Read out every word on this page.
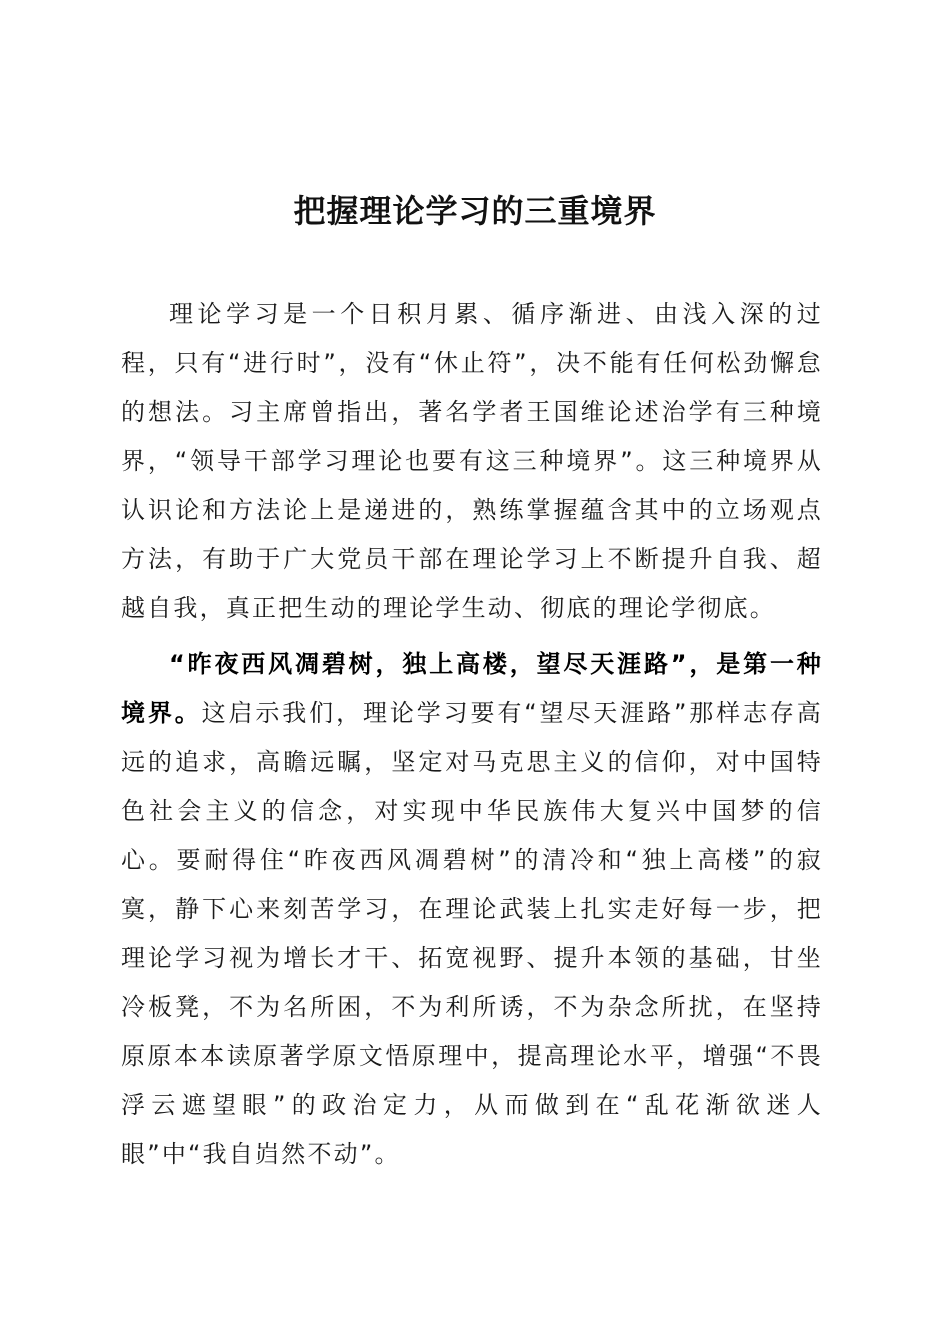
把握理论学习的三重境界

理论学习是一个日积月累、循序渐进、由浅入深的过程，只有“进行时”，没有“休止符”，决不能有任何松劲懈怠的想法。习主席曾指出，著名学者王国维论述治学有三种境界，“领导干部学习理论也要有这三种境界”。这三种境界从认识论和方法论上是递进的，熟练掌握蕴含其中的立场观点方法，有助于广大党员干部在理论学习上不断提升自我、超越自我，真正把生动的理论学生动、彻底的理论学彻底。

“昨夜西风凋碧树，独上高楼，望尽天涯路”，是第一种境界。这启示我们，理论学习要有“望尽天涯路”那样志存高远的追求，高瞻远瞩，坚定对马克思主义的信仰，对中国特色社会主义的信念，对实现中华民族伟大复兴中国梦的信心。要耐得住“昨夜西风凋碧树”的清冷和“独上高楼”的寂寞，静下心来刻苦学习，在理论武装上扎实走好每一步，把理论学习视为增长才干、拓宽视野、提升本领的基础，甘坐冷板凳，不为名所困，不为利所诱，不为杂念所扰，在坚持原原本本读原著学原文悟原理中，提高理论水平，增强“不畏浮云遮望眼”的政治定力，从而做到在“乱花渐欲迷人眼”中“我自岿然不动”。
